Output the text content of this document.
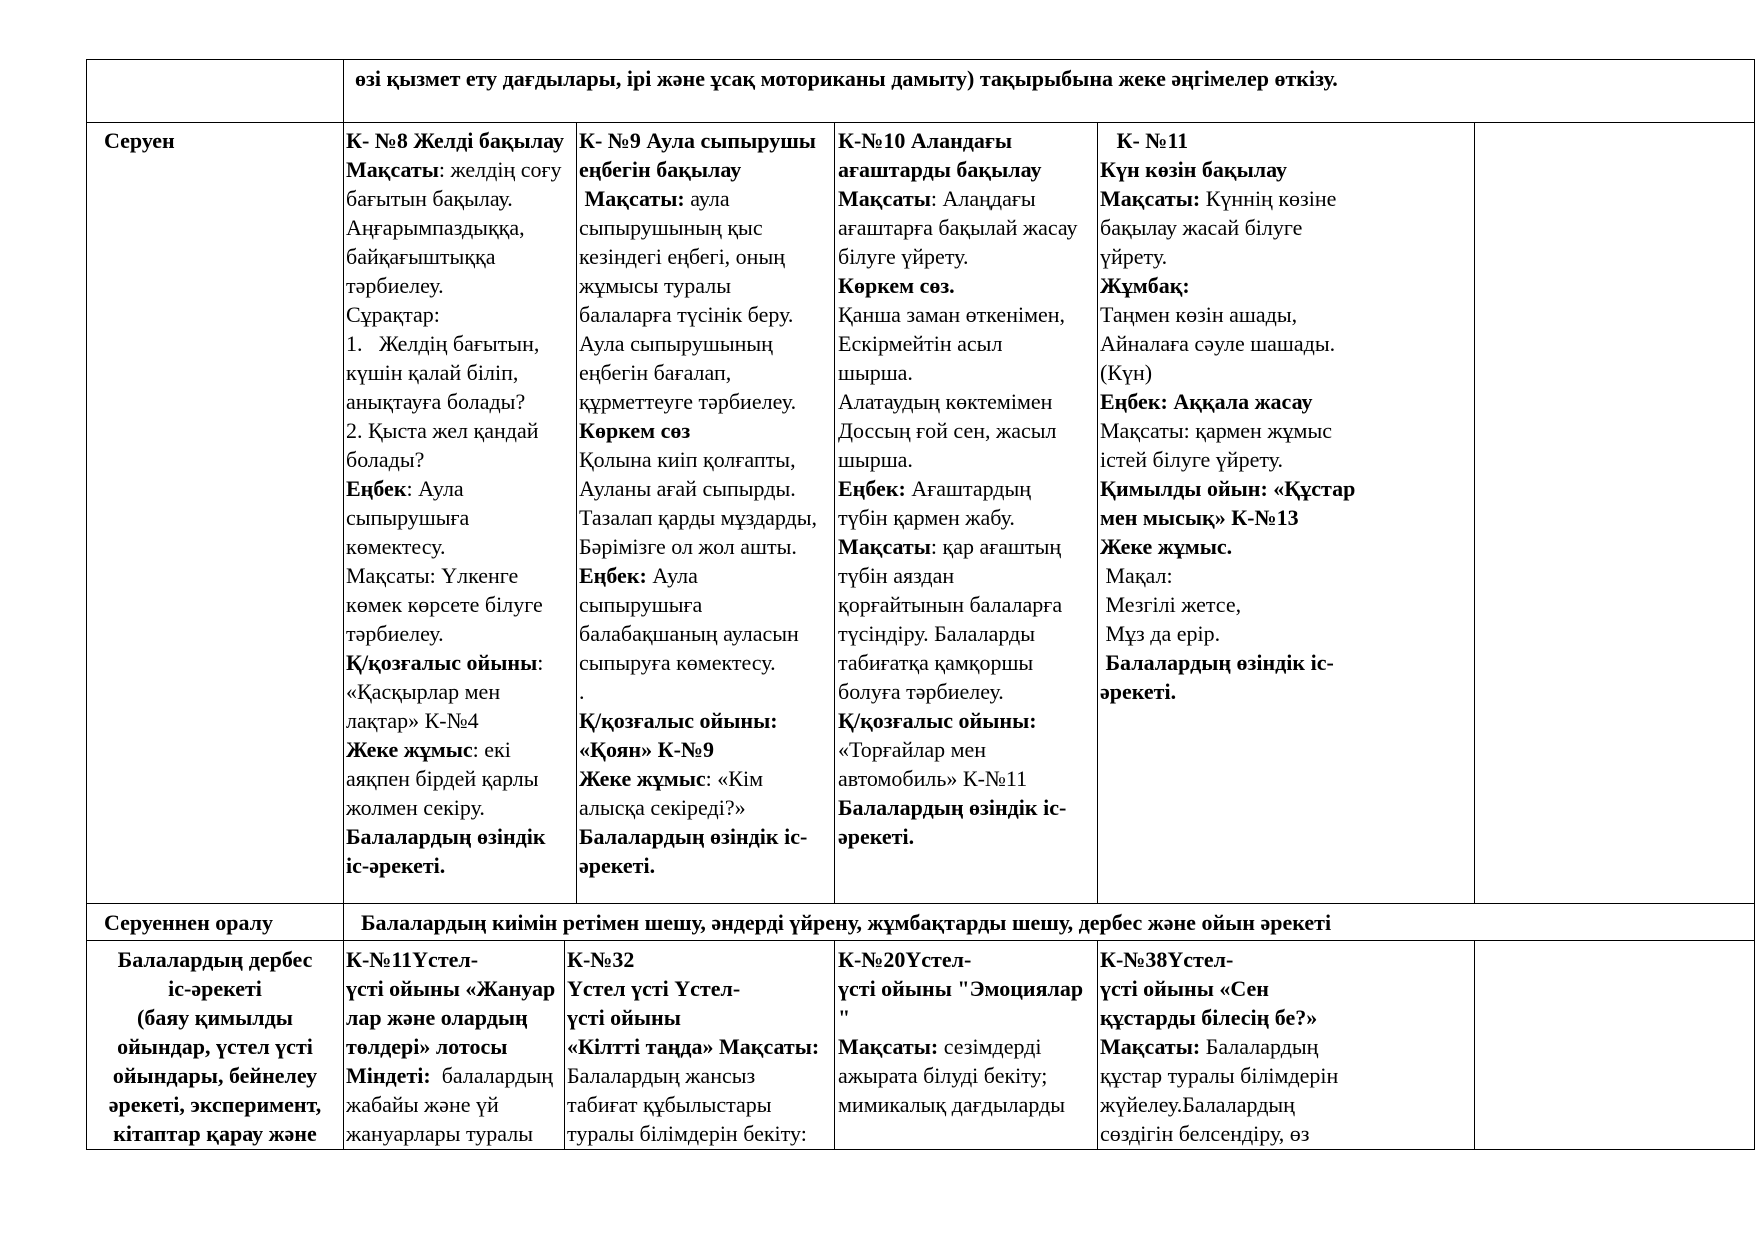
өзі қызмет ету дағдылары, ірі және ұсақ моториканы дамыту) тақырыбына жеке әңгімелер өткізу.
Серуен	К- №8 Желді бақылау
Мақсаты: желдің соғу
бағытын бақылау.
Аңғарымпаздыққа,
байқағыштыққа
тәрбиелеу.
Сұрақтар:
1.   Желдің бағытын,
күшін қалай біліп,
анықтауға болады?
2. Қыста жел қандай
болады?
Еңбек: Аула
сыпырушыға
көмектесу.
Мақсаты: Үлкенге
көмек көрсете білуге
тәрбиелеу.
Қ/қозғалыс ойыны:
«Қасқырлар мен
лақтар» К-№4
Жеке жұмыс: екі
аяқпен бірдей қарлы
жолмен секіру.
Балалардың өзіндік
іс-әрекеті.
К- №9 Аула сыпырушы
еңбегін бақылау
Мақсаты: аула
сыпырушының қыс
кезіндегі еңбегі, оның
жұмысы туралы
балаларға түсінік беру.
Аула сыпырушының
еңбегін бағалап,
құрметтеуге тәрбиелеу.
Көркем сөз
Қолына киіп қолғапты,
Ауланы ағай сыпырды.
Тазалап қарды мұздарды,
Бәрімізге ол жол ашты.
Еңбек: Аула
сыпырушыға
балабақшаның ауласын
сыпыруға көмектесу.
.
Қ/қозғалыс ойыны:
«Қоян» К-№9
Жеке жұмыс: «Кім
алысқа секіреді?»
Балалардың өзіндік іс-
әрекеті.
К-№10 Аландағы
ағаштарды бақылау
Мақсаты: Алаңдағы
ағаштарға бақылай жасау
білуге үйрету.
Көркем сөз.
Қанша заман өткенімен,
Ескірмейтін асыл
шырша.
Алатаудың көктемімен
Доссың ғой сен, жасыл
шырша.
Еңбек: Ағаштардың
түбін қармен жабу.
Мақсаты: қар ағаштың
түбін аяздан
қорғайтынын балаларға
түсіндіру. Балаларды
табиғатқа қамқоршы
болуға тәрбиелеу.
Қ/қозғалыс ойыны:
«Торғайлар мен
автомобиль» К-№11
Балалардың өзіндік іс-
әрекеті.
К- №11
Күн көзін бақылау
Мақсаты: Күннің көзіне
бақылау жасай білуге
үйрету.
Жұмбақ:
Таңмен көзін ашады,
Айналаға сәуле шашады.
(Күн)
Еңбек: Аққала жасау
Мақсаты: қармен жұмыс
істей білуге үйрету.
Қимылды ойын: «Құстар
мен мысық» К-№13
Жеке жұмыс.
Мақал:
Мезгілі жетсе,
Мұз да ерір.
Балалардың өзіндік іс-
әрекеті.
Серуеннен оралу	Балалардың киімін ретімен шешу, әндерді үйрену, жұмбақтарды шешу, дербес және ойын әрекеті
Балалардың дербес
іс-әрекеті
(баяу қимылды
ойындар, үстел үсті
ойындары, бейнелеу
әрекеті, эксперимент,
кітаптар қарау және
К-№11Үстел-
үсті ойыны «Жануар
лар және олардың
төлдері» лотосы
Міндеті:  балалардың
жабайы және үй
жануарлары туралы
К-№32
Үстел үсті Үстел-
үсті ойыны
«Кілтті таңда» Мақсаты:
Балалардың жансыз
табиғат құбылыстары
туралы білімдерін бекіту:
К-№20Үстел-
үсті ойыны "Эмоциялар
"
Мақсаты: сезімдерді
ажырата білуді бекіту;
мимикалық дағдыларды
К-№38Үстел-
үсті ойыны «Сен
құстарды білесің бе?»
Мақсаты: Балалардың
құстар туралы білімдерін
жүйелеу.Балалардың
сөздігін белсендіру, өз
